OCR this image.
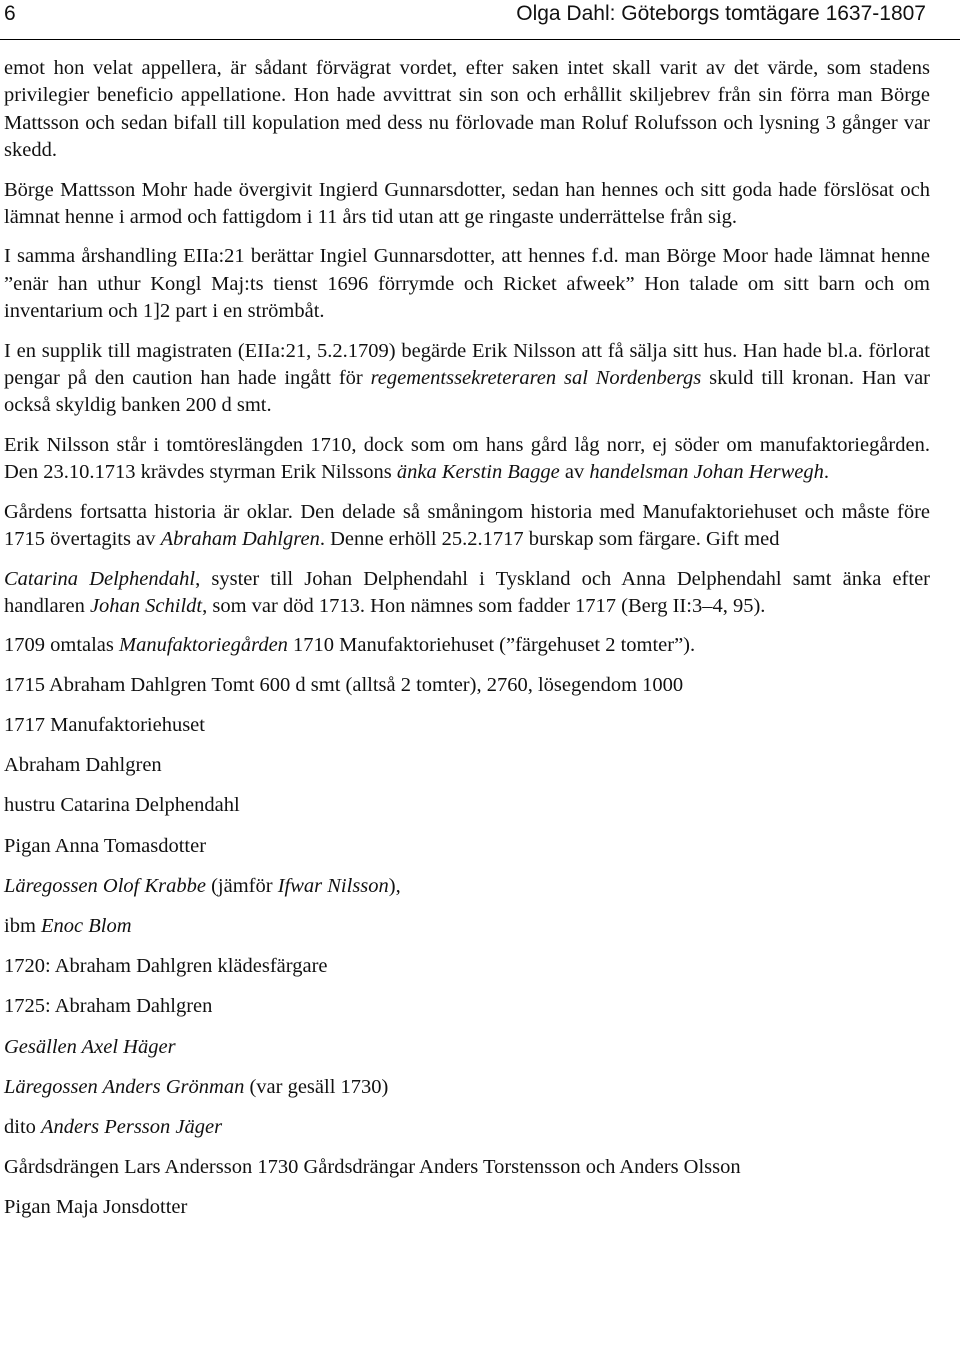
6	Olga Dahl: Göteborgs tomtägare 1637-1807

emot hon velat appellera, är sådant förvägrat vordet, efter saken intet skall varit av det värde, som stadens privilegier beneficio appellatione. Hon hade avvittrat sin son och erhållit skiljebrev från sin förra man Börge Mattsson och sedan bifall till kopulation med dess nu förlovade man Roluf Rolufsson och lysning 3 gånger var skedd.

Börge Mattsson Mohr hade övergivit Ingierd Gunnarsdotter, sedan han hennes och sitt goda hade förslösat och lämnat henne i armod och fattigdom i 11 års tid utan att ge ringaste underrättelse från sig.

I samma årshandling EIIa:21 berättar Ingiel Gunnarsdotter, att hennes f.d. man Börge Moor hade lämnat henne ”enär han uthur Kongl Maj:ts tienst 1696 förrymde och Ricket afweek” Hon talade om sitt barn och om inventarium och 1]2 part i en strömbåt.

I en supplik till magistraten (EIIa:21, 5.2.1709) begärde Erik Nilsson att få sälja sitt hus. Han hade bl.a. förlorat pengar på den caution han hade ingått för regementssekreteraren sal Nordenbergs skuld till kronan. Han var också skyldig banken 200 d smt.

Erik Nilsson står i tomtöreslängden 1710, dock som om hans gård låg norr, ej söder om manufaktoriegården. Den 23.10.1713 krävdes styrman Erik Nilssons änka Kerstin Bagge av handelsman Johan Herwegh.

Gårdens fortsatta historia är oklar. Den delade så småningom historia med Manufaktoriehuset och måste före 1715 övertagits av Abraham Dahlgren. Denne erhöll 25.2.1717 burskap som färgare. Gift med

Catarina Delphendahl, syster till Johan Delphendahl i Tyskland och Anna Delphendahl samt änka efter handlaren Johan Schildt, som var död 1713. Hon nämnes som fadder 1717 (Berg II:3–4, 95).

1709 omtalas Manufaktoriegården 1710 Manufaktoriehuset (”färgehuset 2 tomter”).

1715 Abraham Dahlgren Tomt 600 d smt (alltså 2 tomter), 2760, lösegendom 1000

1717 Manufaktoriehuset

Abraham Dahlgren

hustru Catarina Delphendahl

Pigan Anna Tomasdotter

Läregossen Olof Krabbe (jämför Ifwar Nilsson),

ibm Enoc Blom

1720: Abraham Dahlgren klädesfärgare

1725: Abraham Dahlgren

Gesällen Axel Häger

Läregossen Anders Grönman (var gesäll 1730)

dito Anders Persson Jäger

Gårdsdrängen Lars Andersson 1730 Gårdsdrängar Anders Torstensson och Anders Olsson

Pigan Maja Jonsdotter
